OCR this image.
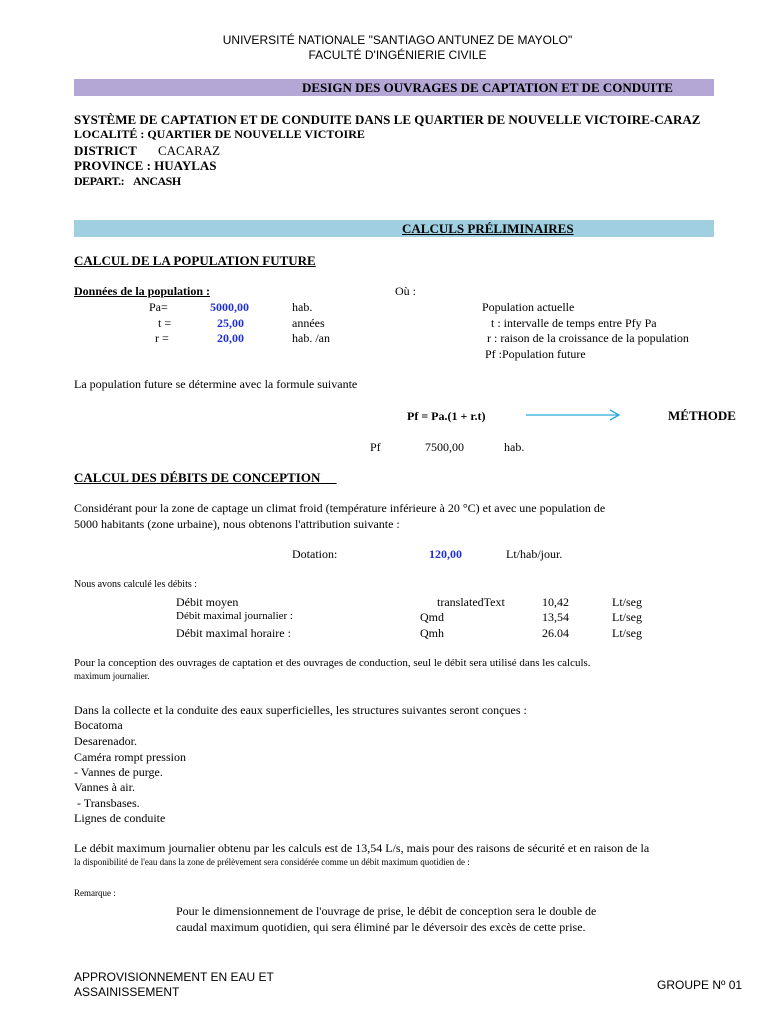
UNIVERSITÉ NATIONALE "SANTIAGO ANTUNEZ DE MAYOLO"
FACULTÉ D'INGÉNIERIE CIVILE
DESIGN DES OUVRAGES DE CAPTATION ET DE CONDUITE
SYSTÈME DE CAPTATION ET DE CONDUITE DANS LE QUARTIER DE NOUVELLE VICTOIRE-CARAZ
LOCALITÉ : QUARTIER DE NOUVELLE VICTOIRE
DISTRICT CACARAZ
PROVINCE : HUAYLAS
DEPART.: ANCASH
CALCULS PRÉLIMINAIRES
CALCUL DE LA POPULATION FUTURE
Données de la population :	Où :
Pa=	5000,00	hab.	Population actuelle
t =	25,00	années	t : intervalle de temps entre Pfy Pa
r =	20,00	hab. /an	r : raison de la croissance de la population
Pf :Population future
La population future se détermine avec la formule suivante
Pf = Pa.(1 + r.t)	MÉTHODE
Pf	7500,00	hab.
CALCUL DES DÉBITS DE CONCEPTION
Considérant pour la zone de captage un climat froid (température inférieure à 20 °C) et avec une population de
5000 habitants (zone urbaine), nous obtenons l'attribution suivante :
Dotation:	120,00	Lt/hab/jour.
Nous avons calculé les débits :
Débit moyen	translatedText	10,42	Lt/seg
Débit maximal journalier :	Qmd	13,54	Lt/seg
Débit maximal horaire :	Qmh	26.04	Lt/seg
Pour la conception des ouvrages de captation et des ouvrages de conduction, seul le débit sera utilisé dans les calculs.
maximum journalier.
Dans la collecte et la conduite des eaux superficielles, les structures suivantes seront conçues :
Bocatoma
Desarenador.
Caméra rompt pression
- Vannes de purge.
Vannes à air.
- Transbases.
Lignes de conduite
Le débit maximum journalier obtenu par les calculs est de 13,54 L/s, mais pour des raisons de sécurité et en raison de la
la disponibilité de l'eau dans la zone de prélèvement sera considérée comme un débit maximum quotidien de :
Remarque :
Pour le dimensionnement de l'ouvrage de prise, le débit de conception sera le double de
caudal maximum quotidien, qui sera éliminé par le déversoir des excès de cette prise.
APPROVISIONNEMENT EN EAU ET
ASSAINISSEMENT	GROUPE Nº 01
